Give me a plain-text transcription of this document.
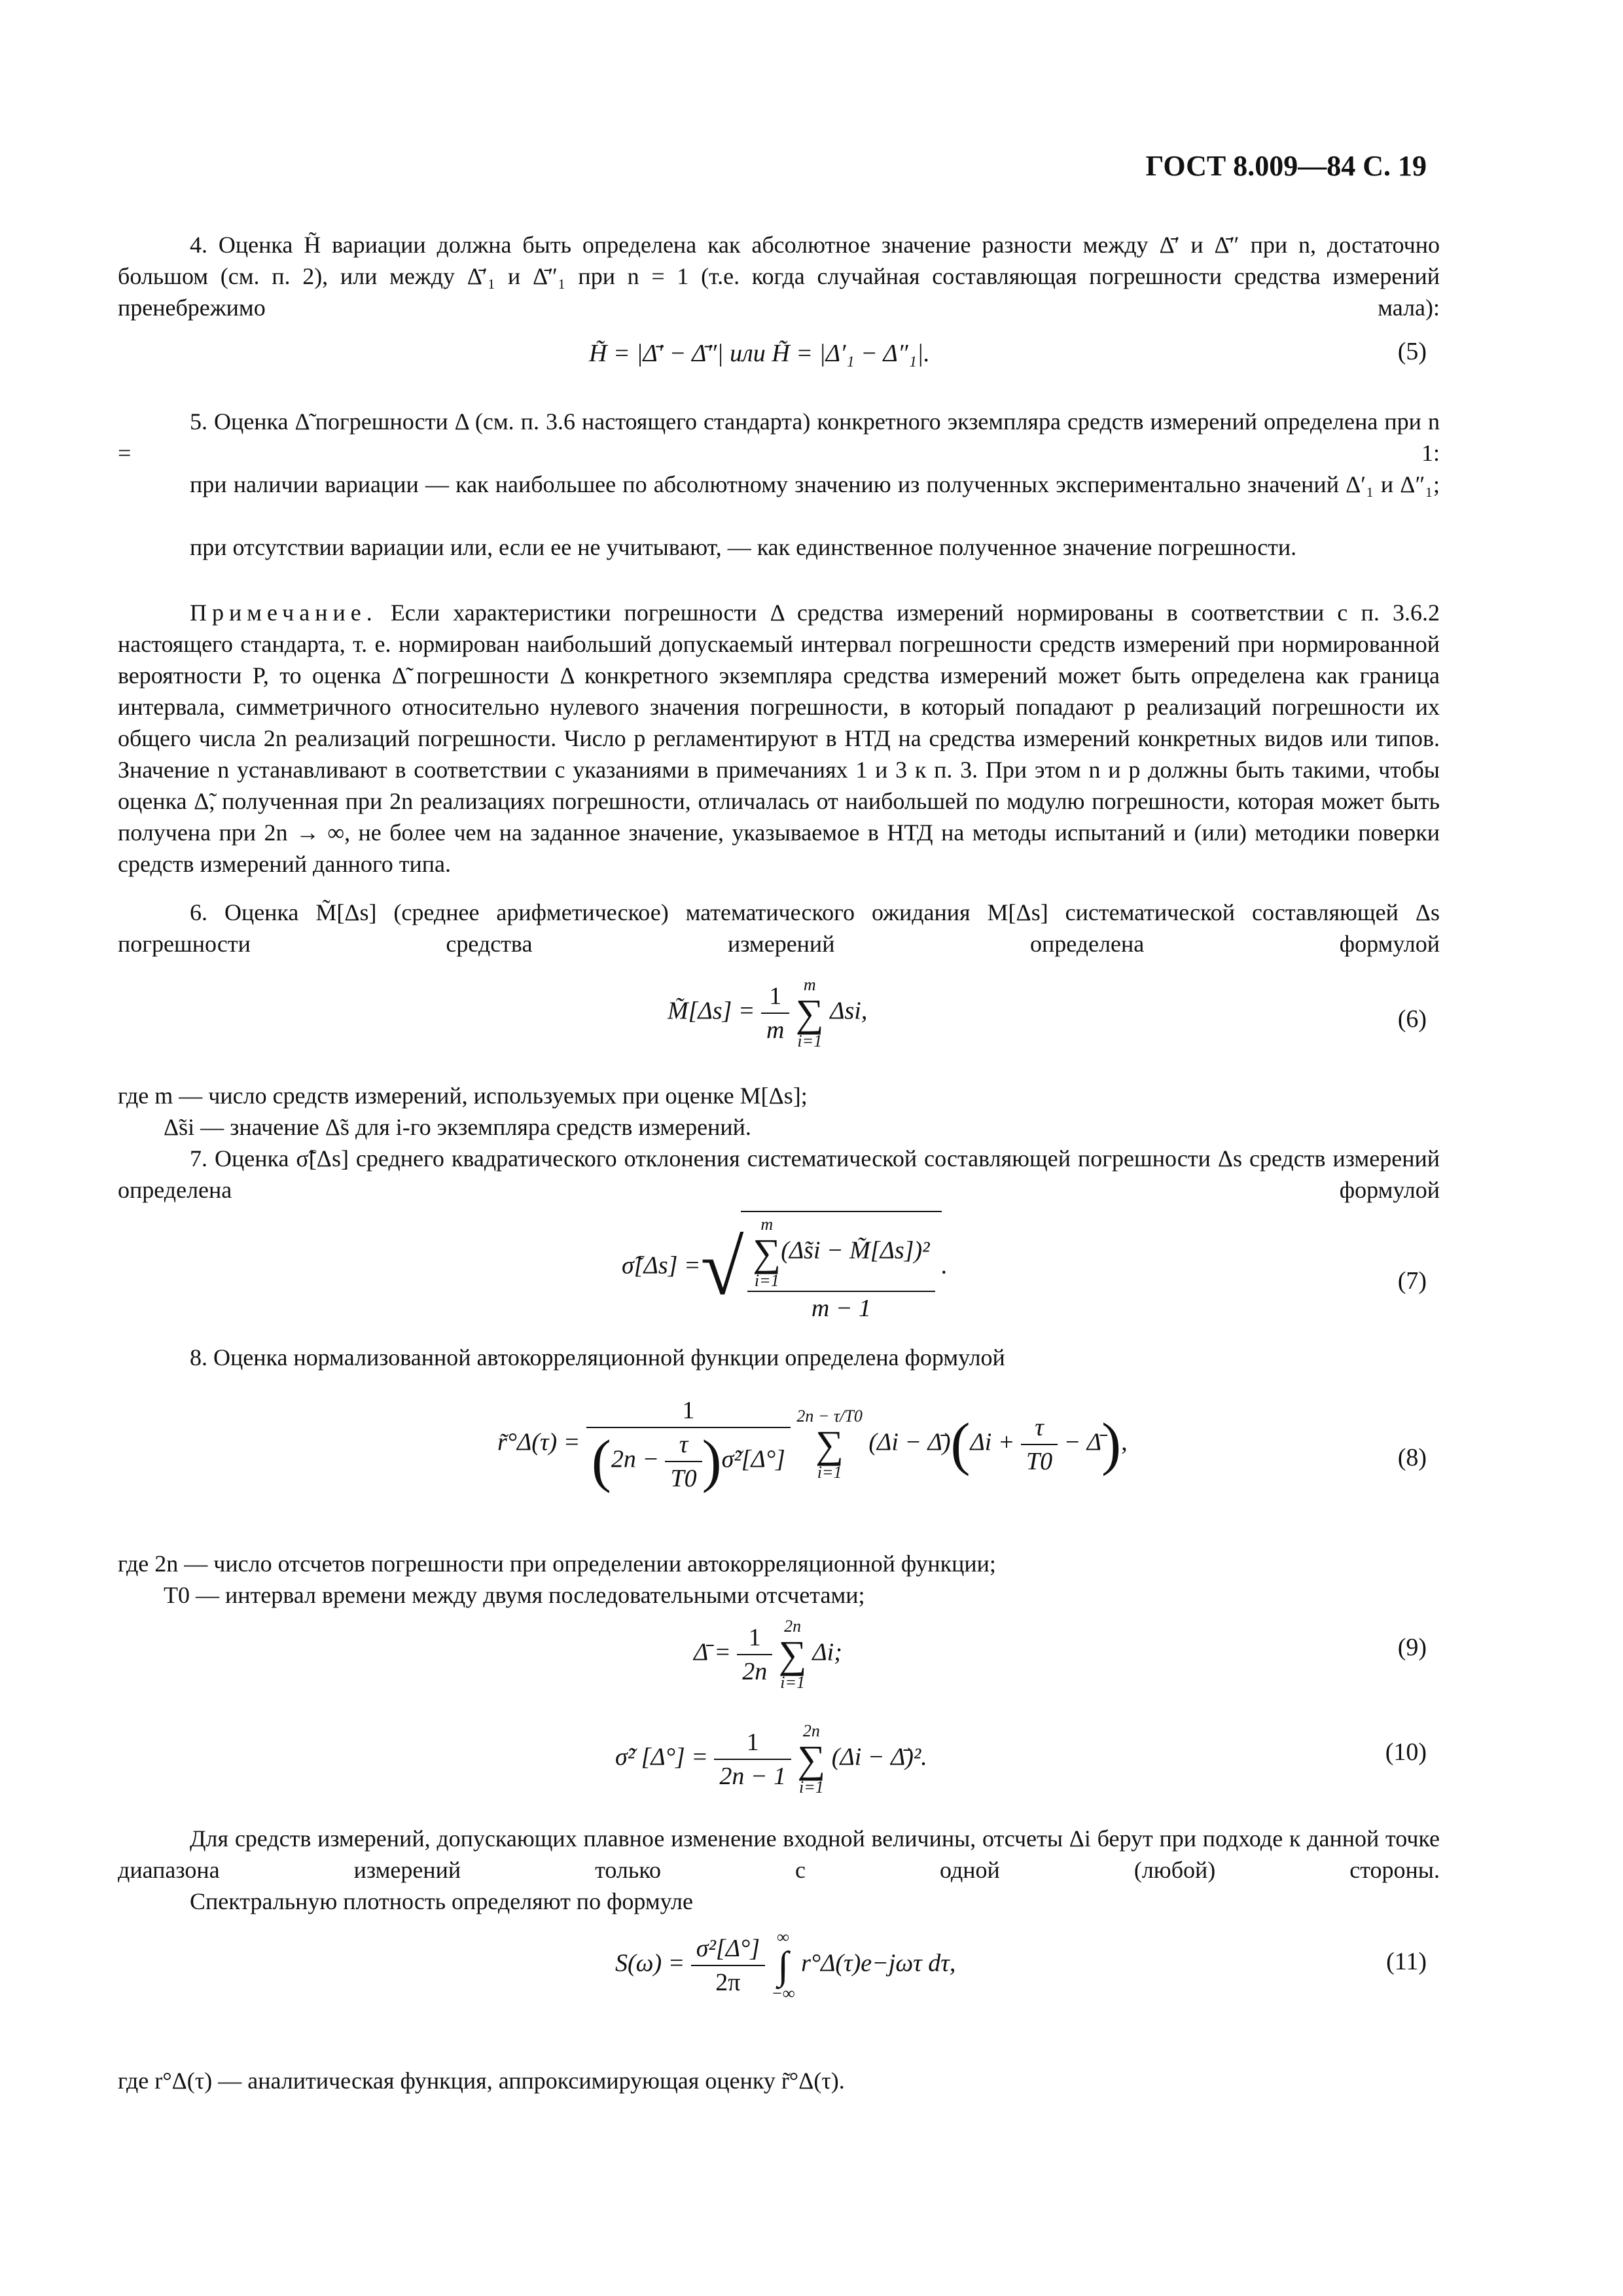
ГОСТ 8.009—84 С. 19
4. Оценка H̃ вариации должна быть определена как абсолютное значение разности между Δ̄′ и Δ̄″ при n, достаточно большом (см. п. 2), или между Δ̄′₁ и Δ̄″₁ при n = 1 (т.е. когда случайная составляющая погрешности средства измерений пренебрежимо мала):
H̃ = |Δ̄′ − Δ̄″| или H̃ = |Δ′₁ − Δ″₁|.	(5)
5. Оценка Δ̃ погрешности Δ (см. п. 3.6 настоящего стандарта) конкретного экземпляра средств измерений определена при n = 1:
при наличии вариации — как наибольшее по абсолютному значению из полученных экспериментально значений Δ′₁ и Δ″₁;
при отсутствии вариации или, если ее не учитывают, — как единственное полученное значение погрешности.
Примечание. Если характеристики погрешности Δ средства измерений нормированы в соответствии с п. 3.6.2 настоящего стандарта, т. е. нормирован наибольший допускаемый интервал погрешности средств измерений при нормированной вероятности P, то оценка Δ̃ погрешности Δ конкретного экземпляра средства измерений может быть определена как граница интервала, симметричного относительно нулевого значения погрешности, в который попадают p реализаций погрешности их общего числа 2n реализаций погрешности. Число p регламентируют в НТД на средства измерений конкретных видов или типов. Значение n устанавливают в соответствии с указаниями в примечаниях 1 и 3 к п. 3. При этом n и p должны быть такими, чтобы оценка Δ̃, полученная при 2n реализациях погрешности, отличалась от наибольшей по модулю погрешности, которая может быть получена при 2n → ∞, не более чем на заданное значение, указываемое в НТД на методы испытаний и (или) методики поверки средств измерений данного типа.
6. Оценка M̃[Δs] (среднее арифметическое) математического ожидания M[Δs] систематической составляющей Δs погрешности средства измерений определена формулой
M̃[Δs] = $\frac{1}{m}$
m
∑
i=1
Δsi,	(6)
где m — число средств измерений, используемых при оценке M[Δs];
Δ̃si — значение Δ̃s для i-го экземпляра средств измерений.
7. Оценка σ̃[Δs] среднего квадратического отклонения систематической составляющей погрешности Δs средств измерений определена формулой
σ̃[Δs] =√ m
∑
i=1
(Δ̃si − M̃[Δs])²
m − 1 .
(7)
8. Оценка нормализованной автокорреляционной функции определена формулой
r̃°Δ(τ) = $\frac{1}{(2n - \frac{\tau}{T0} )\sigmã^2[\Delta^\circ]}$
2n − τ/T0
∑
i=1
(Δi − Δ̄)(Δi + $\frac{\tau}{T0}$ − Δ̄),
(8)
где 2n — число отсчетов погрешности при определении автокорреляционной функции;
T0 — интервал времени между двумя последовательными отсчетами;
Δ̄ = $\frac{1}{2n}$
2n
∑
i=1
Δi;	(9)
σ̃² $[\Delta^\circ] = \frac{1}{2n - 1}$
2n
∑
i=1
(Δi − Δ̄)².	(10)
Для средств измерений, допускающих плавное изменение входной величины, отсчеты Δi берут при подходе к данной точке диапазона измерений только с одной (любой) стороны.
Спектральную плотность определяют по формуле
$S(\omega) = \frac{\text{σ²[Δ°]}}{2\pi}$
∞
∫
−∞
r°Δ(τ)e−jωτ dτ,	(11)
где r°Δ(τ) — аналитическая функция, аппроксимирующая оценку r̃°Δ(τ).
